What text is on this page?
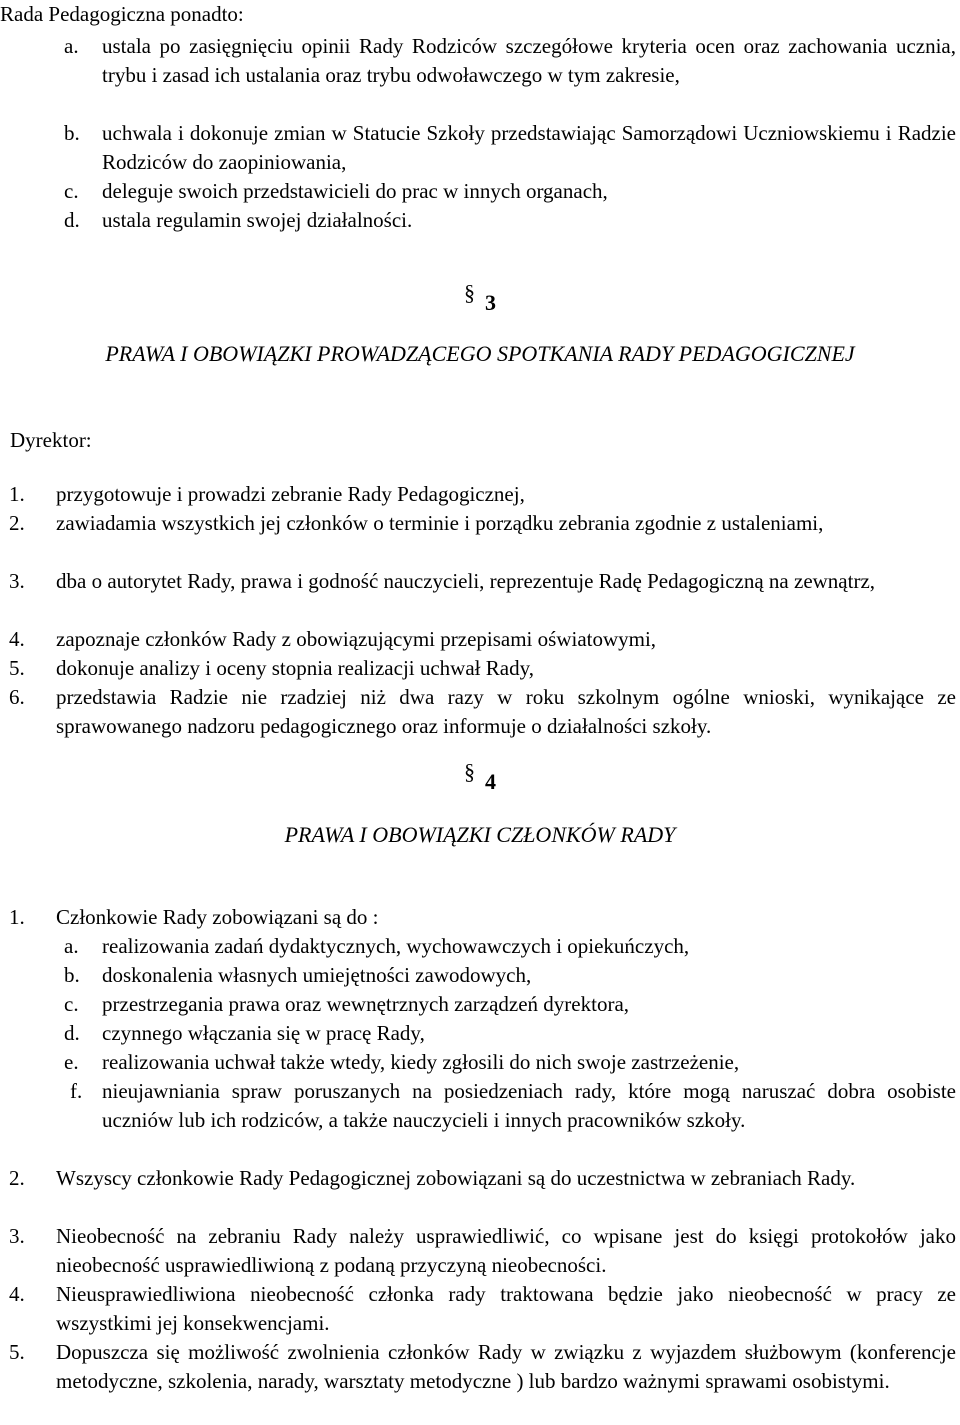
Rada Pedagogiczna ponadto:
a.	ustala po zasięgnięciu opinii Rady Rodziców szczegółowe kryteria ocen oraz zachowania ucznia, trybu i zasad ich ustalania oraz trybu odwoławczego w tym zakresie,
b.	uchwala i dokonuje zmian w Statucie Szkoły przedstawiając Samorządowi Uczniowskiemu i Radzie Rodziców do zaopiniowania,
c.	deleguje swoich przedstawicieli do prac w innych organach,
d.	ustala regulamin swojej działalności.
§ 3
PRAWA I OBOWIĄZKI PROWADZĄCEGO SPOTKANIA RADY PEDAGOGICZNEJ
Dyrektor:
1.	przygotowuje i prowadzi zebranie Rady Pedagogicznej,
2.	zawiadamia wszystkich jej członków o terminie i porządku zebrania zgodnie z ustaleniami,
3.	dba o autorytet Rady, prawa i godność nauczycieli, reprezentuje Radę Pedagogiczną na zewnątrz,
4.	zapoznaje członków Rady z obowiązującymi przepisami oświatowymi,
5.	dokonuje analizy i oceny stopnia realizacji uchwał Rady,
6.	przedstawia Radzie nie rzadziej niż dwa razy w roku szkolnym ogólne wnioski, wynikające ze sprawowanego nadzoru pedagogicznego oraz informuje o działalności szkoły.
§ 4
PRAWA I OBOWIĄZKI CZŁONKÓW RADY
1.	Członkowie Rady zobowiązani są do :
a.	realizowania zadań dydaktycznych, wychowawczych i opiekuńczych,
b.	doskonalenia własnych umiejętności zawodowych,
c.	przestrzegania prawa oraz wewnętrznych zarządzeń dyrektora,
d.	czynnego włączania się w pracę Rady,
e.	realizowania uchwał także wtedy, kiedy zgłosili do nich swoje zastrzeżenie,
f. nieujawniania spraw poruszanych na posiedzeniach rady, które mogą naruszać dobra osobiste uczniów lub ich rodziców, a także nauczycieli i innych pracowników szkoły.
2.	Wszyscy członkowie Rady Pedagogicznej zobowiązani są do uczestnictwa w zebraniach Rady.
3.	Nieobecność na zebraniu Rady należy usprawiedliwić, co wpisane jest do księgi protokołów jako nieobecność usprawiedliwioną z podaną przyczyną nieobecności.
4.	Nieusprawiedliwiona nieobecność członka rady traktowana będzie jako nieobecność w pracy ze wszystkimi jej konsekwencjami.
5.	Dopuszcza się możliwość zwolnienia członków Rady w związku z wyjazdem służbowym (konferencje metodyczne, szkolenia, narady, warsztaty metodyczne ) lub bardzo ważnymi sprawami osobistymi.
